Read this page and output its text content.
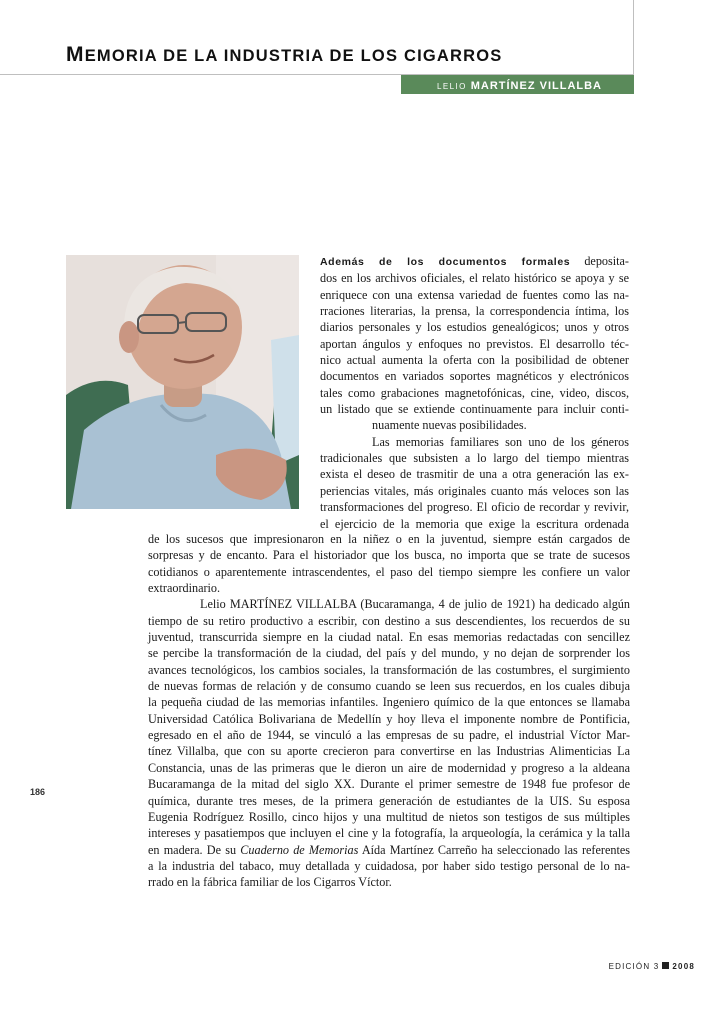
MEMORIA DE LA INDUSTRIA DE LOS CIGARROS
LELIO MARTÍNEZ VILLALBA
Además de los documentos formales deposita-
dos en los archivos oficiales, el relato histórico se apoya y se
enriquece con una extensa variedad de fuentes como las na-
rraciones literarias, la prensa, la correspondencia íntima, los
diarios personales y los estudios genealógicos; unos y otros
aportan ángulos y enfoques no previstos. El desarrollo téc-
nico actual aumenta la oferta con la posibilidad de obtener
documentos en variados soportes magnéticos y electrónicos
tales como grabaciones magnetofónicas, cine, video, discos,
un listado que se extiende continuamente para incluir conti-
nuamente nuevas posibilidades.
Las memorias familiares son uno de los géneros
tradicionales que subsisten a lo largo del tiempo mientras
exista el deseo de trasmitir de una a otra generación las ex-
periencias vitales, más originales cuanto más veloces son las
transformaciones del progreso. El oficio de recordar y revivir,
el ejercicio de la memoria que exige la escritura ordenada
de los sucesos que impresionaron en la niñez o en la juventud, siempre están cargados de
sorpresas y de encanto. Para el historiador que los busca, no importa que se trate de sucesos
cotidianos o aparentemente intrascendentes, el paso del tiempo siempre les confiere un valor
extraordinario.
Lelio MARTÍNEZ VILLALBA (Bucaramanga, 4 de julio de 1921) ha dedicado algún
tiempo de su retiro productivo a escribir, con destino a sus descendientes, los recuerdos de su
juventud, transcurrida siempre en la ciudad natal. En esas memorias redactadas con sencillez
se percibe la transformación de la ciudad, del país y del mundo, y no dejan de sorprender los
avances tecnológicos, los cambios sociales, la transformación de las costumbres, el surgimiento
de nuevas formas de relación y de consumo cuando se leen sus recuerdos, en los cuales dibuja
la pequeña ciudad de las memorias infantiles. Ingeniero químico de la que entonces se llamaba
Universidad Católica Bolivariana de Medellín y hoy lleva el imponente nombre de Pontificia,
egresado en el año de 1944, se vinculó a las empresas de su padre, el industrial Víctor Mar-
tínez Villalba, que con su aporte crecieron para convertirse en las Industrias Alimenticias La
Constancia, unas de las primeras que le dieron un aire de modernidad y progreso a la aldeana
Bucaramanga de la mitad del siglo XX. Durante el primer semestre de 1948 fue profesor de
química, durante tres meses, de la primera generación de estudiantes de la UIS. Su esposa
Eugenia Rodríguez Rosillo, cinco hijos y una multitud de nietos son testigos de sus múltiples
intereses y pasatiempos que incluyen el cine y la fotografía, la arqueología, la cerámica y la talla
en madera. De su Cuaderno de Memorias Aída Martínez Carreño ha seleccionado las referentes
a la industria del tabaco, muy detallada y cuidadosa, por haber sido testigo personal de lo na-
rrado en la fábrica familiar de los Cigarros Víctor.
186
EDICIÓN 3 2008
